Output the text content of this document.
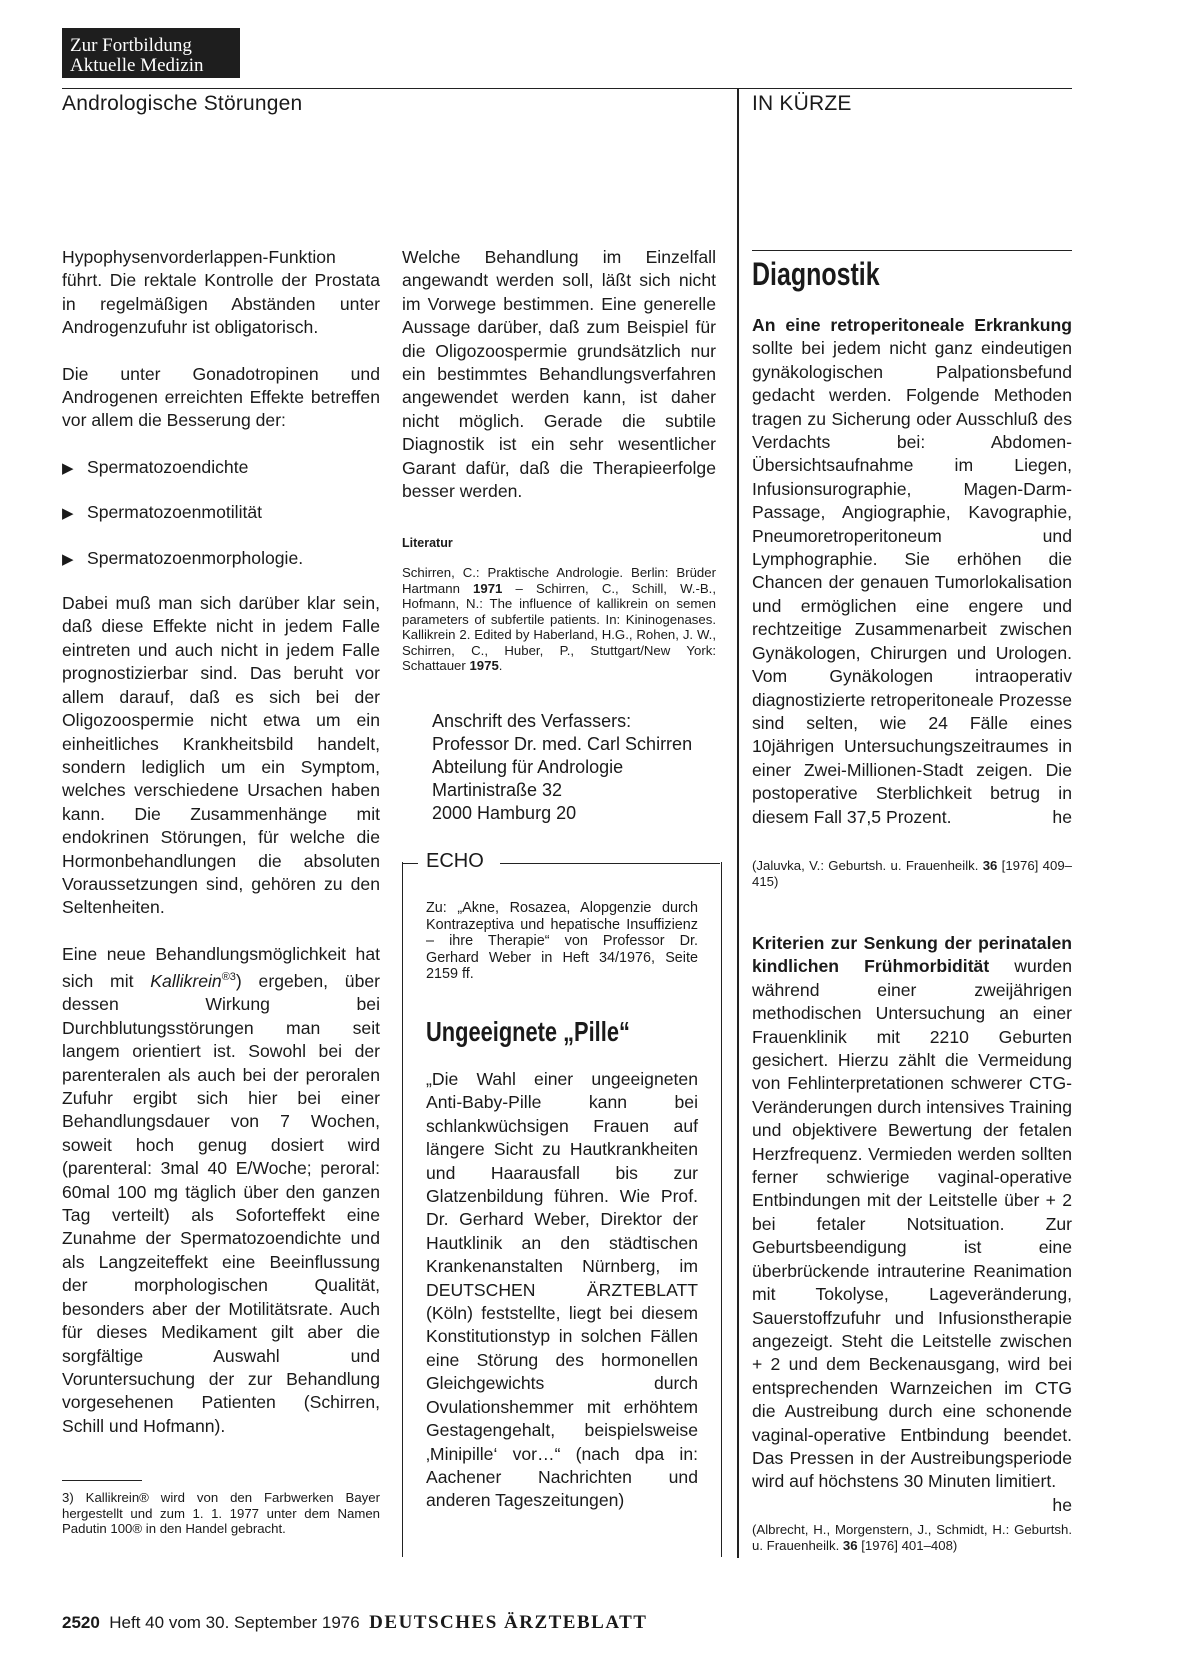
Zur Fortbildung
Aktuelle Medizin
Andrologische Störungen	IN KÜRZE

Hypophysenvorderlappen-Funktion führt. Die rektale Kontrolle der Prostata in regelmäßigen Abständen unter Androgenzufuhr ist obligatorisch.

Die unter Gonadotropinen und Androgenen erreichten Effekte betreffen vor allem die Besserung der:

▶ Spermatozoendichte
▶ Spermatozoenmotilität
▶ Spermatozoenmorphologie.

Dabei muß man sich darüber klar sein, daß diese Effekte nicht in jedem Falle eintreten und auch nicht in jedem Falle prognostizierbar sind. Das beruht vor allem darauf, daß es sich bei der Oligozoospermie nicht etwa um ein einheitliches Krankheitsbild handelt, sondern lediglich um ein Symptom, welches verschiedene Ursachen haben kann. Die Zusammenhänge mit endokrinen Störungen, für welche die Hormonbehandlungen die absoluten Voraussetzungen sind, gehören zu den Seltenheiten.

Eine neue Behandlungsmöglichkeit hat sich mit Kallikrein$^{®3}$) ergeben, über dessen Wirkung bei Durchblutungsstörungen man seit langem orientiert ist. Sowohl bei der parenteralen als auch bei der peroralen Zufuhr ergibt sich hier bei einer Behandlungsdauer von 7 Wochen, soweit hoch genug dosiert wird (parenteral: 3mal 40 E/Woche; peroral: 60mal 100 mg täglich über den ganzen Tag verteilt) als Soforteffekt eine Zunahme der Spermatozoendichte und als Langzeiteffekt eine Beeinflussung der morphologischen Qualität, besonders aber der Motilitätsrate. Auch für dieses Medikament gilt aber die sorgfältige Auswahl und Voruntersuchung der zur Behandlung vorgesehenen Patienten (Schirren, Schill und Hofmann).

3) Kallikrein® wird von den Farbwerken Bayer hergestellt und zum 1. 1. 1977 unter dem Namen Padutin 100® in den Handel gebracht.

Welche Behandlung im Einzelfall angewandt werden soll, läßt sich nicht im Vorwege bestimmen. Eine generelle Aussage darüber, daß zum Beispiel für die Oligozoospermie grundsätzlich nur ein bestimmtes Behandlungsverfahren angewendet werden kann, ist daher nicht möglich. Gerade die subtile Diagnostik ist ein sehr wesentlicher Garant dafür, daß die Therapieerfolge besser werden.

Literatur
Schirren, C.: Praktische Andrologie. Berlin: Brüder Hartmann 1971 – Schirren, C., Schill, W.-B., Hofmann, N.: The influence of kallikrein on semen parameters of subfertile patients. In: Kininogenases. Kallikrein 2. Edited by Haberland, H.G., Rohen, J. W., Schirren, C., Huber, P., Stuttgart/New York: Schattauer 1975.
Anschrift des Verfassers:
Professor Dr. med. Carl Schirren
Abteilung für Andrologie
Martinistraße 32
2000 Hamburg 20
ECHO
Zu: „Akne, Rosazea, Alopgenzie durch Kontrazeptiva und hepatische Insuffizienz – ihre Therapie“ von Professor Dr. Gerhard Weber in Heft 34/1976, Seite 2159 ff.
Ungeeignete „Pille“
„Die Wahl einer ungeeigneten Anti-Baby-Pille kann bei schlankwüchsigen Frauen auf längere Sicht zu Hautkrankheiten und Haarausfall bis zur Glatzenbildung führen. Wie Prof. Dr. Gerhard Weber, Direktor der Hautklinik an den städtischen Krankenanstalten Nürnberg, im DEUTSCHEN ÄRZTEBLATT (Köln) feststellte, liegt bei diesem Konstitutionstyp in solchen Fällen eine Störung des hormonellen Gleichgewichts durch Ovulationshemmer mit erhöhtem Gestagengehalt, beispielsweise ‚Minipille‘ vor…“ (nach dpa in: Aachener Nachrichten und anderen Tageszeitungen)
Diagnostik

An eine retroperitoneale Erkrankung sollte bei jedem nicht ganz eindeutigen gynäkologischen Palpationsbefund gedacht werden. Folgende Methoden tragen zu Sicherung oder Ausschluß des Verdachts bei: Abdomen-Übersichtsaufnahme im Liegen, Infusionsurographie, Magen-Darm-Passage, Angiographie, Kavographie, Pneumoretroperitoneum und Lymphographie. Sie erhöhen die Chancen der genauen Tumorlokalisation und ermöglichen eine engere und rechtzeitige Zusammenarbeit zwischen Gynäkologen, Chirurgen und Urologen. Vom Gynäkologen intraoperativ diagnostizierte retroperitoneale Prozesse sind selten, wie 24 Fälle eines 10jährigen Untersuchungszeitraumes in einer Zwei-Millionen-Stadt zeigen. Die postoperative Sterblichkeit betrug in diesem Fall 37,5 Prozent.	he

(Jaluvka, V.: Geburtsh. u. Frauenheilk. 36 [1976] 409–415)

Kriterien zur Senkung der perinatalen kindlichen Frühmorbidität wurden während einer zweijährigen methodischen Untersuchung an einer Frauenklinik mit 2210 Geburten gesichert. Hierzu zählt die Vermeidung von Fehlinterpretationen schwerer CTG-Veränderungen durch intensives Training und objektivere Bewertung der fetalen Herzfrequenz. Vermieden werden sollten ferner schwierige vaginal-operative Entbindungen mit der Leitstelle über + 2 bei fetaler Notsituation. Zur Geburtsbeendigung ist eine überbrückende intrauterine Reanimation mit Tokolyse, Lageveränderung, Sauerstoffzufuhr und Infusionstherapie angezeigt. Steht die Leitstelle zwischen + 2 und dem Beckenausgang, wird bei entsprechenden Warnzeichen im CTG die Austreibung durch eine schonende vaginal-operative Entbindung beendet. Das Pressen in der Austreibungsperiode wird auf höchstens 30 Minuten limitiert.
he

(Albrecht, H., Morgenstern, J., Schmidt, H.: Geburtsh. u. Frauenheilk. 36 [1976] 401–408)
2520 Heft 40 vom 30. September 1976 DEUTSCHES ÄRZTEBLATT
